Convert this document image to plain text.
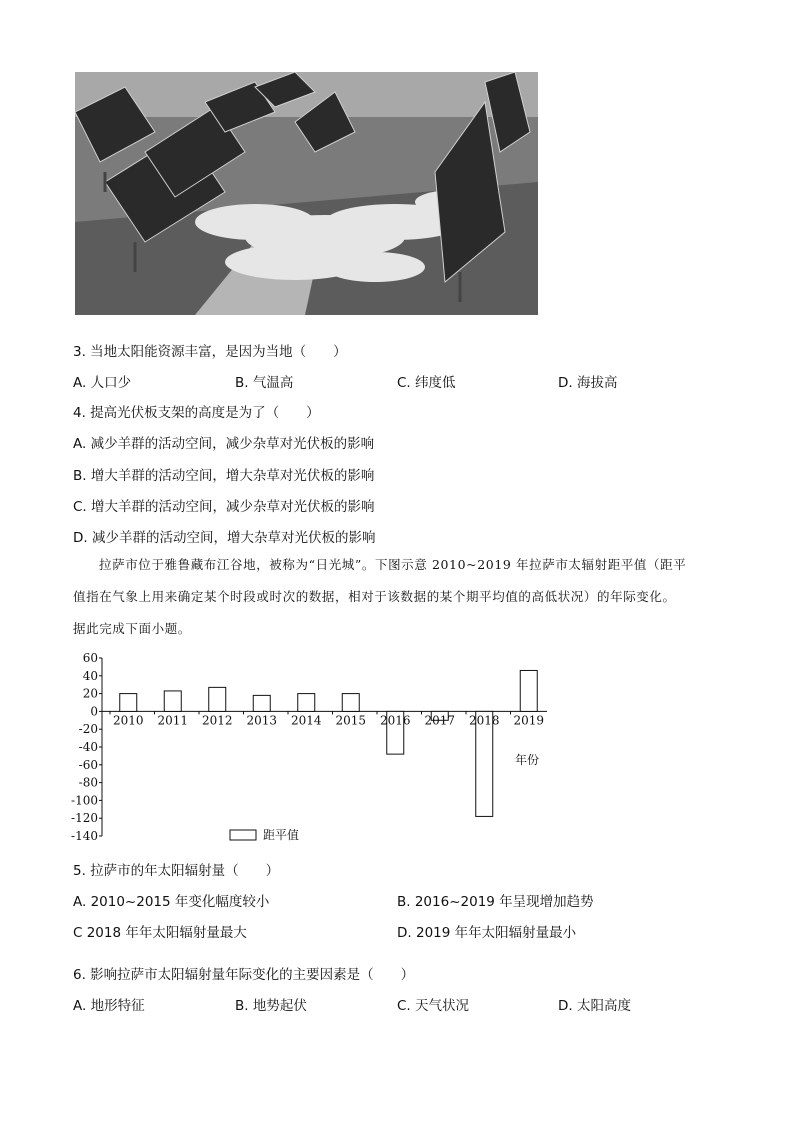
3. 当地太阳能资源丰富，是因为当地（　　）
A. 人口少	B. 气温高	C. 纬度低	D. 海拔高
4. 提高光伏板支架的高度是为了（　　）
A. 减少羊群的活动空间，减少杂草对光伏板的影响
B. 增大羊群的活动空间，增大杂草对光伏板的影响
C. 增大羊群的活动空间，减少杂草对光伏板的影响
D. 减少羊群的活动空间，增大杂草对光伏板的影响
拉萨市位于雅鲁藏布江谷地，被称为“日光城”。下图示意 2010~2019 年拉萨市太辐射距平值（距平
值指在气象上用来确定某个时段或时次的数据，相对于该数据的某个期平均值的高低状况）的年际变化。
据此完成下面小题。
60
40
20
0
-20
-40
-60
-80
-100
-120
-140
2010 2011 2012 2013 2014 2015 2016 2017 2018 2019
年份
距平值
5. 拉萨市的年太阳辐射量（　　）
A. 2010~2015 年变化幅度较小	B. 2016~2019 年呈现增加趋势
C 2018 年年太阳辐射量最大	D. 2019 年年太阳辐射量最小
6. 影响拉萨市太阳辐射量年际变化的主要因素是（　　）
A. 地形特征	B. 地势起伏	C. 天气状况	D. 太阳高度
